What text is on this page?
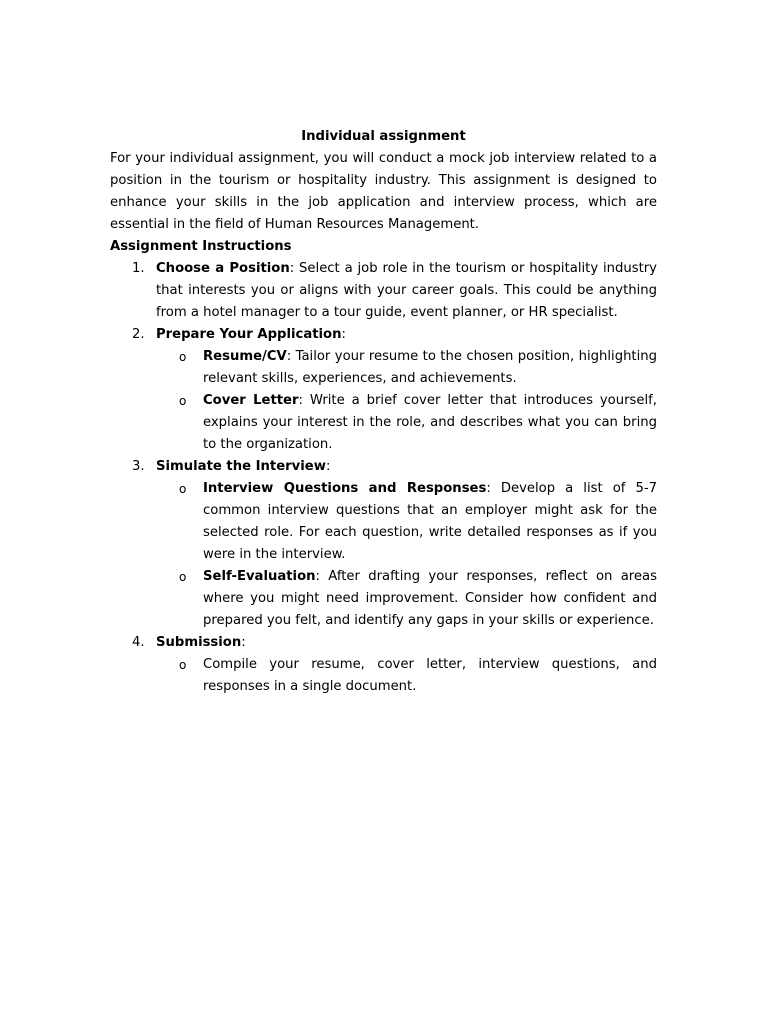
Individual assignment

For your individual assignment, you will conduct a mock job interview related to a position in the tourism or hospitality industry. This assignment is designed to enhance your skills in the job application and interview process, which are essential in the field of Human Resources Management.

Assignment Instructions

1. Choose a Position: Select a job role in the tourism or hospitality industry that interests you or aligns with your career goals. This could be anything from a hotel manager to a tour guide, event planner, or HR specialist.
2. Prepare Your Application:
o Resume/CV: Tailor your resume to the chosen position, highlighting relevant skills, experiences, and achievements.
o Cover Letter: Write a brief cover letter that introduces yourself, explains your interest in the role, and describes what you can bring to the organization.
3. Simulate the Interview:
o Interview Questions and Responses: Develop a list of 5-7 common interview questions that an employer might ask for the selected role. For each question, write detailed responses as if you were in the interview.
o Self-Evaluation: After drafting your responses, reflect on areas where you might need improvement. Consider how confident and prepared you felt, and identify any gaps in your skills or experience.
4. Submission:
o Compile your resume, cover letter, interview questions, and responses in a single document.
